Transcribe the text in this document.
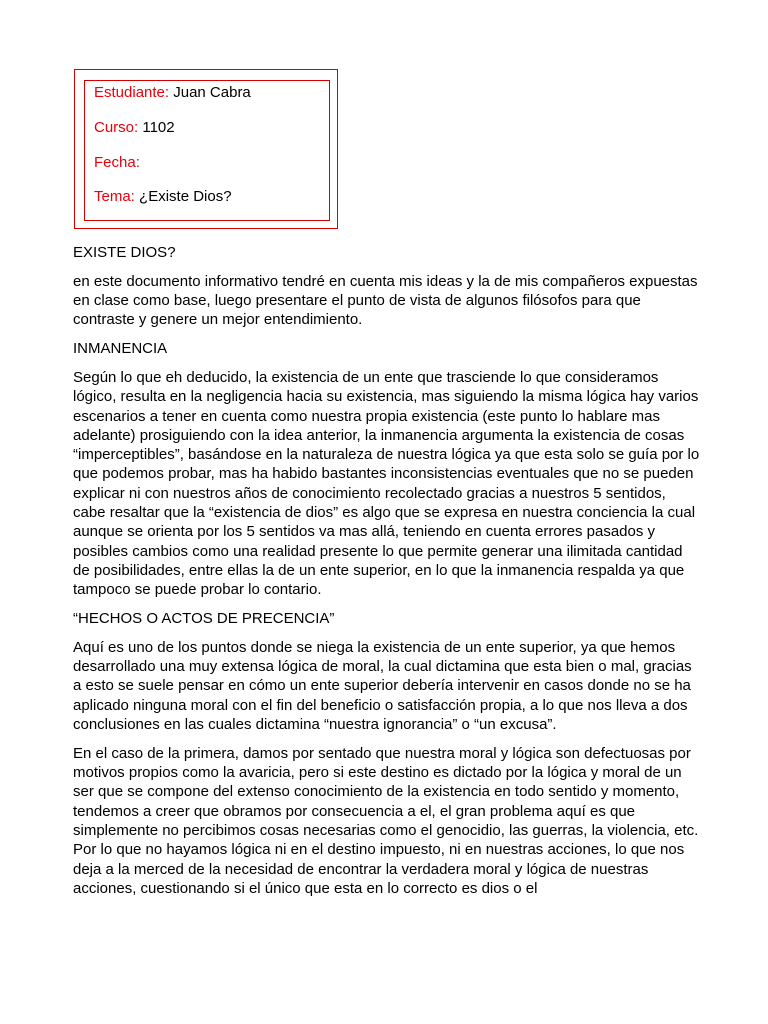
Estudiante: Juan Cabra
Curso: 1102
Fecha:
Tema: ¿Existe Dios?

EXISTE DIOS?

en este documento informativo tendré en cuenta mis ideas y la de mis compañeros expuestas en clase como base, luego presentare el punto de vista de algunos filósofos para que contraste y genere un mejor entendimiento.

INMANENCIA

Según lo que eh deducido, la existencia de un ente que trasciende lo que consideramos lógico, resulta en la negligencia hacia su existencia, mas siguiendo la misma lógica hay varios escenarios a tener en cuenta como nuestra propia existencia (este punto lo hablare mas adelante) prosiguiendo con la idea anterior, la inmanencia argumenta la existencia de cosas “imperceptibles”, basándose en la naturaleza de nuestra lógica ya que esta solo se guía por lo que podemos probar, mas ha habido bastantes inconsistencias eventuales que no se pueden explicar ni con nuestros años de conocimiento recolectado gracias a nuestros 5 sentidos, cabe resaltar que la “existencia de dios” es algo que se expresa en nuestra conciencia la cual aunque se orienta por los 5 sentidos va mas allá, teniendo en cuenta errores pasados y posibles cambios como una realidad presente lo que permite generar una ilimitada cantidad de posibilidades, entre ellas la de un ente superior, en lo que la inmanencia respalda ya que tampoco se puede probar lo contario.

“HECHOS O ACTOS DE PRECENCIA”

Aquí es uno de los puntos donde se niega la existencia de un ente superior, ya que hemos desarrollado una muy extensa lógica de moral, la cual dictamina que esta bien o mal, gracias a esto se suele pensar en cómo un ente superior debería intervenir en casos donde no se ha aplicado ninguna moral con el fin del beneficio o satisfacción propia, a lo que nos lleva a dos conclusiones en las cuales dictamina “nuestra ignorancia” o “un excusa”.

En el caso de la primera, damos por sentado que nuestra moral y lógica son defectuosas por motivos propios como la avaricia, pero si este destino es dictado por la lógica y moral de un ser que se compone del extenso conocimiento de la existencia en todo sentido y momento, tendemos a creer que obramos por consecuencia a el, el gran problema aquí es que simplemente no percibimos cosas necesarias como el genocidio, las guerras, la violencia, etc. Por lo que no hayamos lógica ni en el destino impuesto, ni en nuestras acciones, lo que nos deja a la merced de la necesidad de encontrar la verdadera moral y lógica de nuestras acciones, cuestionando si el único que esta en lo correcto es dios o el
